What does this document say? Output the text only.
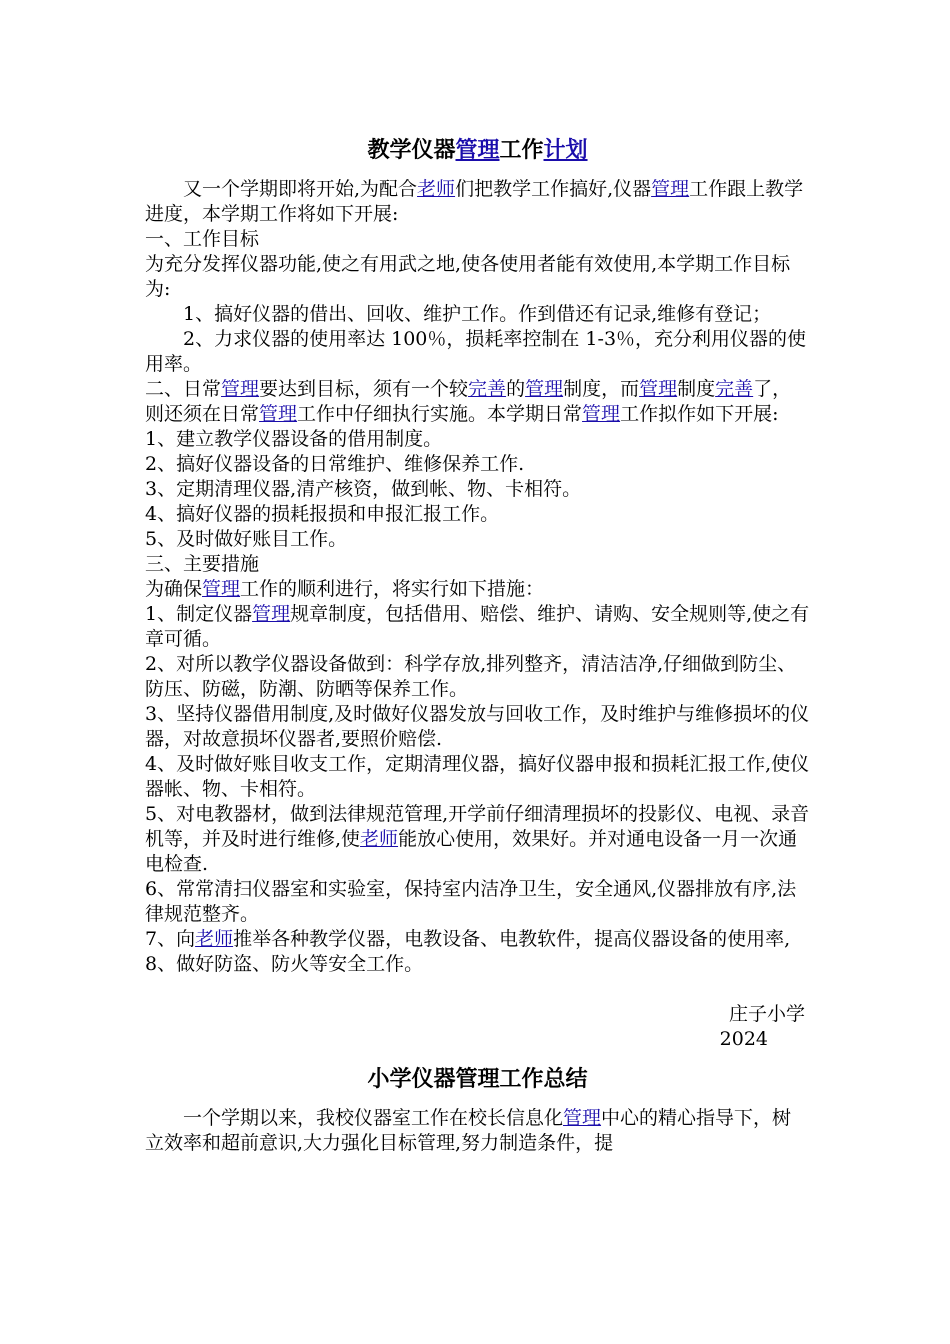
教学仪器管理工作计划

又一个学期即将开始,为配合老师们把教学工作搞好,仪器管理工作跟上教学进度，本学期工作将如下开展:

一、工作目标

为充分发挥仪器功能,使之有用武之地,使各使用者能有效使用,本学期工作目标为:

1、搞好仪器的借出、回收、维护工作。作到借还有记录,维修有登记；

2、力求仪器的使用率达 100％，损耗率控制在 1-3％，充分利用仪器的使用率。

二、日常管理要达到目标，须有一个较完善的管理制度，而管理制度完善了，则还须在日常管理工作中仔细执行实施。本学期日常管理工作拟作如下开展:

1、建立教学仪器设备的借用制度。

2、搞好仪器设备的日常维护、维修保养工作.

3、定期清理仪器,清产核资，做到帐、物、卡相符。

4、搞好仪器的损耗报损和申报汇报工作。

5、及时做好账目工作。

三、主要措施

为确保管理工作的顺利进行，将实行如下措施：

1、制定仪器管理规章制度，包括借用、赔偿、维护、请购、安全规则等,使之有章可循。

2、对所以教学仪器设备做到：科学存放,排列整齐，清洁洁净,仔细做到防尘、防压、防磁，防潮、防晒等保养工作。

3、坚持仪器借用制度,及时做好仪器发放与回收工作，及时维护与维修损坏的仪器，对故意损坏仪器者,要照价赔偿.

4、及时做好账目收支工作，定期清理仪器，搞好仪器申报和损耗汇报工作,使仪器帐、物、卡相符。

5、对电教器材，做到法律规范管理,开学前仔细清理损坏的投影仪、电视、录音机等，并及时进行维修,使老师能放心使用，效果好。并对通电设备一月一次通电检查.

6、常常清扫仪器室和实验室，保持室内洁净卫生，安全通风,仪器排放有序,法律规范整齐。

7、向老师推举各种教学仪器，电教设备、电教软件，提高仪器设备的使用率,

8、做好防盗、防火等安全工作。

庄子小学

2024

小学仪器管理工作总结

一个学期以来，我校仪器室工作在校长信息化管理中心的精心指导下，树立效率和超前意识,大力强化目标管理,努力制造条件，提
